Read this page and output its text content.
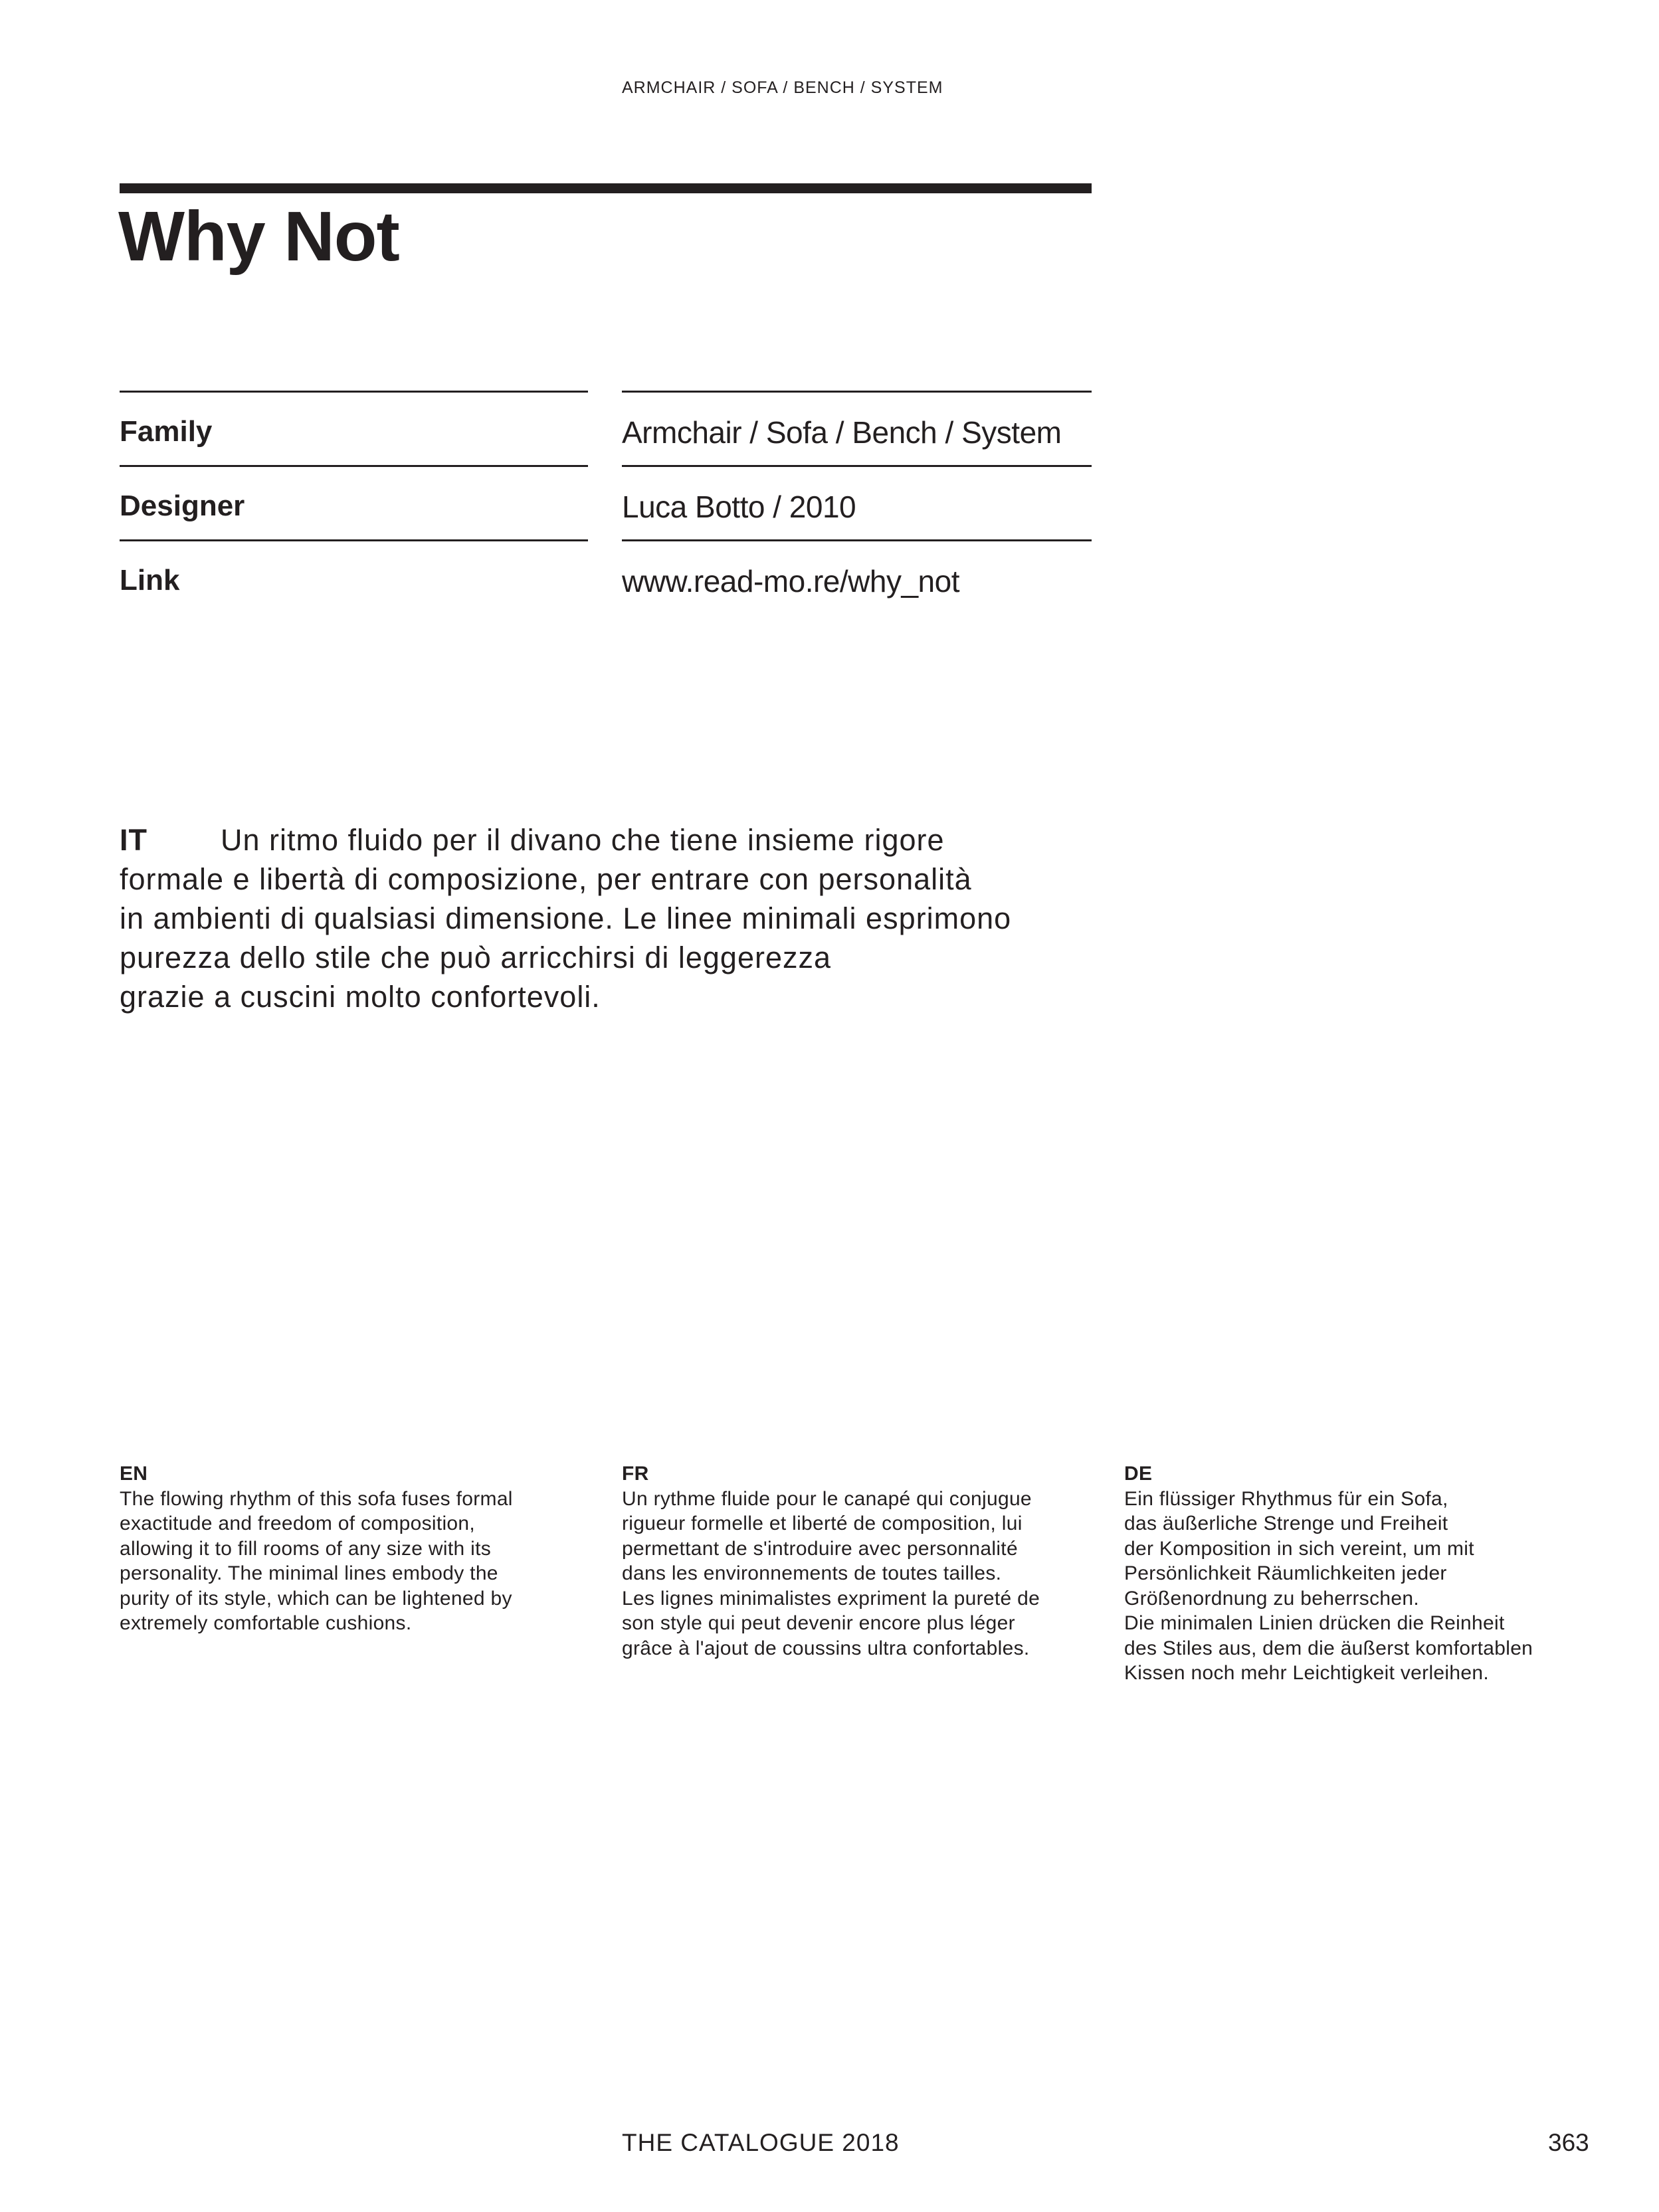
ARMCHAIR / SOFA / BENCH / SYSTEM
Why Not
Family	Armchair / Sofa / Bench / System
Designer	Luca Botto / 2010
Link	www.read-mo.re/why_not
IT Un ritmo fluido per il divano che tiene insieme rigore
formale e libertà di composizione, per entrare con personalità
in ambienti di qualsiasi dimensione. Le linee minimali esprimono
purezza dello stile che può arricchirsi di leggerezza
grazie a cuscini molto confortevoli.
EN
The flowing rhythm of this sofa fuses formal
exactitude and freedom of composition,
allowing it to fill rooms of any size with its
personality. The minimal lines embody the
purity of its style, which can be lightened by
extremely comfortable cushions.
FR
Un rythme fluide pour le canapé qui conjugue
rigueur formelle et liberté de composition, lui
permettant de s'introduire avec personnalité
dans les environnements de toutes tailles.
Les lignes minimalistes expriment la pureté de
son style qui peut devenir encore plus léger
grâce à l'ajout de coussins ultra confortables.
DE
Ein flüssiger Rhythmus für ein Sofa,
das äußerliche Strenge und Freiheit
der Komposition in sich vereint, um mit
Persönlichkeit Räumlichkeiten jeder
Größenordnung zu beherrschen.
Die minimalen Linien drücken die Reinheit
des Stiles aus, dem die äußerst komfortablen
Kissen noch mehr Leichtigkeit verleihen.
THE CATALOGUE 2018	363
